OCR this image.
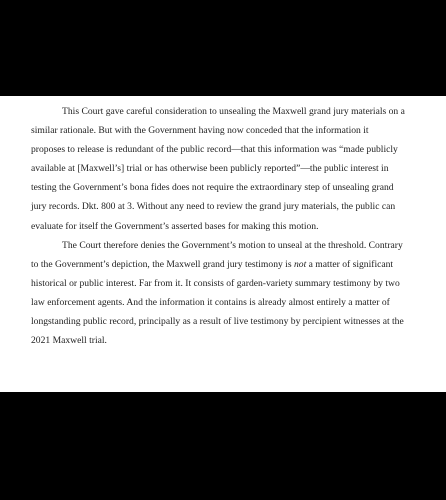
This Court gave careful consideration to unsealing the Maxwell grand jury materials on a
similar rationale. But with the Government having now conceded that the information it
proposes to release is redundant of the public record—that this information was “made publicly
available at [Maxwell’s] trial or has otherwise been publicly reported”—the public interest in
testing the Government’s bona fides does not require the extraordinary step of unsealing grand
jury records. Dkt. 800 at 3. Without any need to review the grand jury materials, the public can
evaluate for itself the Government’s asserted bases for making this motion.

The Court therefore denies the Government’s motion to unseal at the threshold. Contrary
to the Government’s depiction, the Maxwell grand jury testimony is not a matter of significant
historical or public interest. Far from it. It consists of garden-variety summary testimony by two
law enforcement agents. And the information it contains is already almost entirely a matter of
longstanding public record, principally as a result of live testimony by percipient witnesses at the
2021 Maxwell trial.
